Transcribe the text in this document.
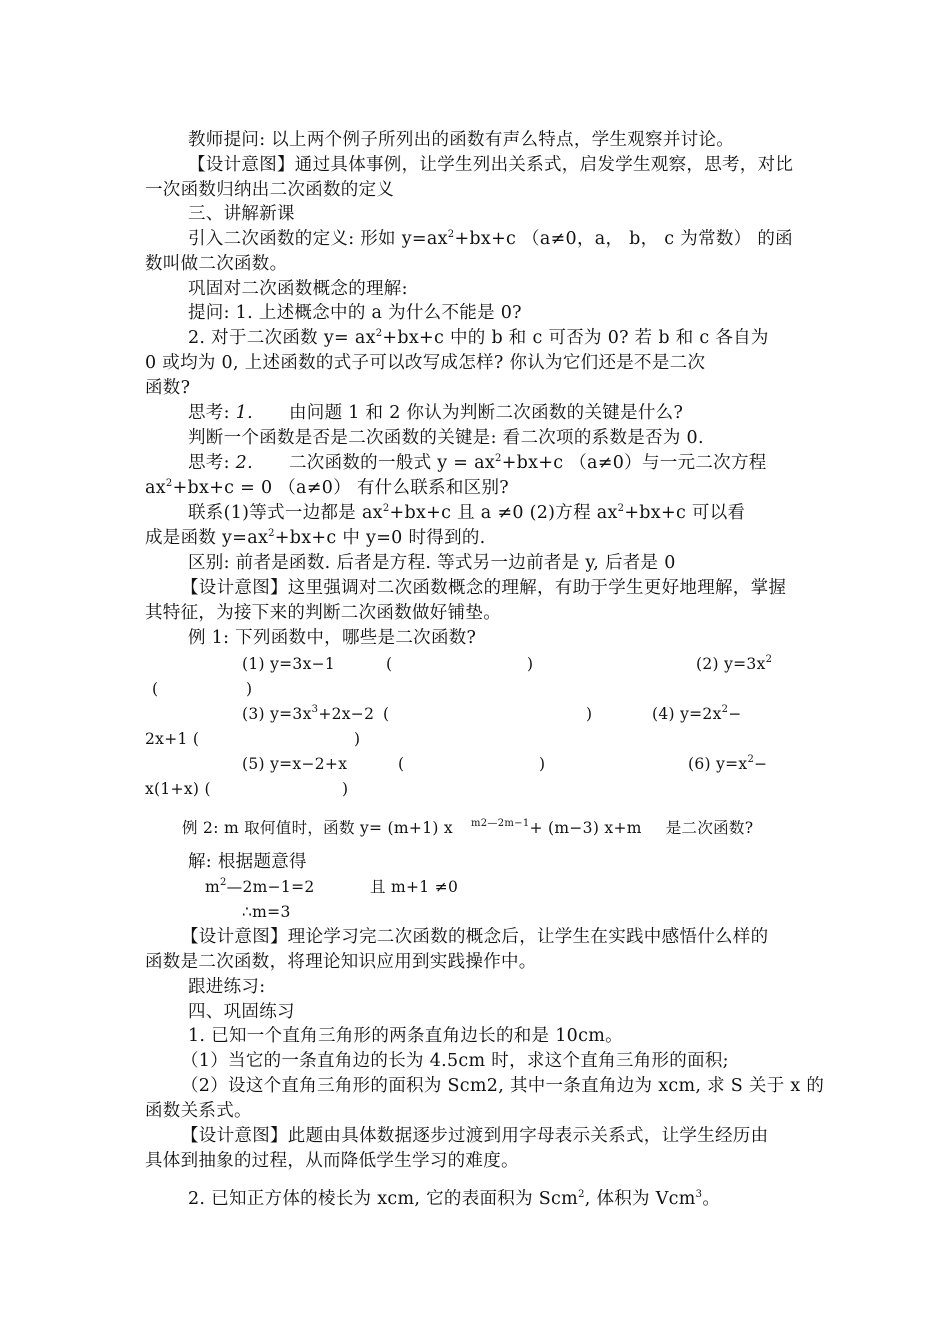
教师提问: 以上两个例子所列出的函数有声么特点，学生观察并讨论。
【设计意图】通过具体事例，让学生列出关系式，启发学生观察，思考，对比
一次函数归纳出二次函数的定义
三、讲解新课
引入二次函数的定义: 形如 $y=ax^2+bx+c$ （a≠0，a， b， c 为常数） 的函
数叫做二次函数。
巩固对二次函数概念的理解:
提问: 1. 上述概念中的 a 为什么不能是 0?
2. 对于二次函数 $y= ax^2+bx+c$ 中的 b 和 c 可否为 0? 若 b 和 c 各自为
0 或均为 0, 上述函数的式子可以改写成怎样? 你认为它们还是不是二次
函数?
思考: 1. 由问题 1 和 2 你认为判断二次函数的关键是什么?
判断一个函数是否是二次函数的关键是: 看二次项的系数是否为 0.
思考: 2. 二次函数的一般式 $y = ax^2+bx+c$ （a≠0）与一元二次方程
$ax^2+bx+c = 0$ （a≠0） 有什么联系和区别?
联系(1)等式一边都是 $ax^2+bx+c$ 且 a ≠0 (2)方程 $ax^2+bx+c$ 可以看
成是函数 $y=ax^2+bx+c$ 中 y=0 时得到的.
区别: 前者是函数. 后者是方程. 等式另一边前者是 y, 后者是 0
【设计意图】这里强调对二次函数概念的理解，有助于学生更好地理解，掌握
其特征，为接下来的判断二次函数做好铺垫。
例 1: 下列函数中，哪些是二次函数?
(1) y=3x−1	(	)	(2) $y=3x^2$
(	)
(3) $y=3x^3+2x-2$ (	)	(4) $y=2x^2-$
2x+1 (	)
(5) y=x−2+x	(	)	(6) $y=x^2-$
x(1+x) (	)
例 2: m 取何值时，函数 y= (m+1) x $^{m2—2m-1}$+ (m−3) x+m 是二次函数?
解: 根据题意得
$m^2—2m-1=2$	且 m+1 ≠0
∴m=3
【设计意图】理论学习完二次函数的概念后，让学生在实践中感悟什么样的
函数是二次函数，将理论知识应用到实践操作中。
跟进练习:
四、巩固练习
1. 已知一个直角三角形的两条直角边长的和是 10cm。
（1）当它的一条直角边的长为 4.5cm 时，求这个直角三角形的面积;
（2）设这个直角三角形的面积为 Scm2, 其中一条直角边为 xcm, 求 S 关于 x 的
函数关系式。
【设计意图】此题由具体数据逐步过渡到用字母表示关系式，让学生经历由
具体到抽象的过程，从而降低学生学习的难度。
2. 已知正方体的棱长为 xcm, 它的表面积为 Scm$^2$, 体积为 Vcm$^3$。
